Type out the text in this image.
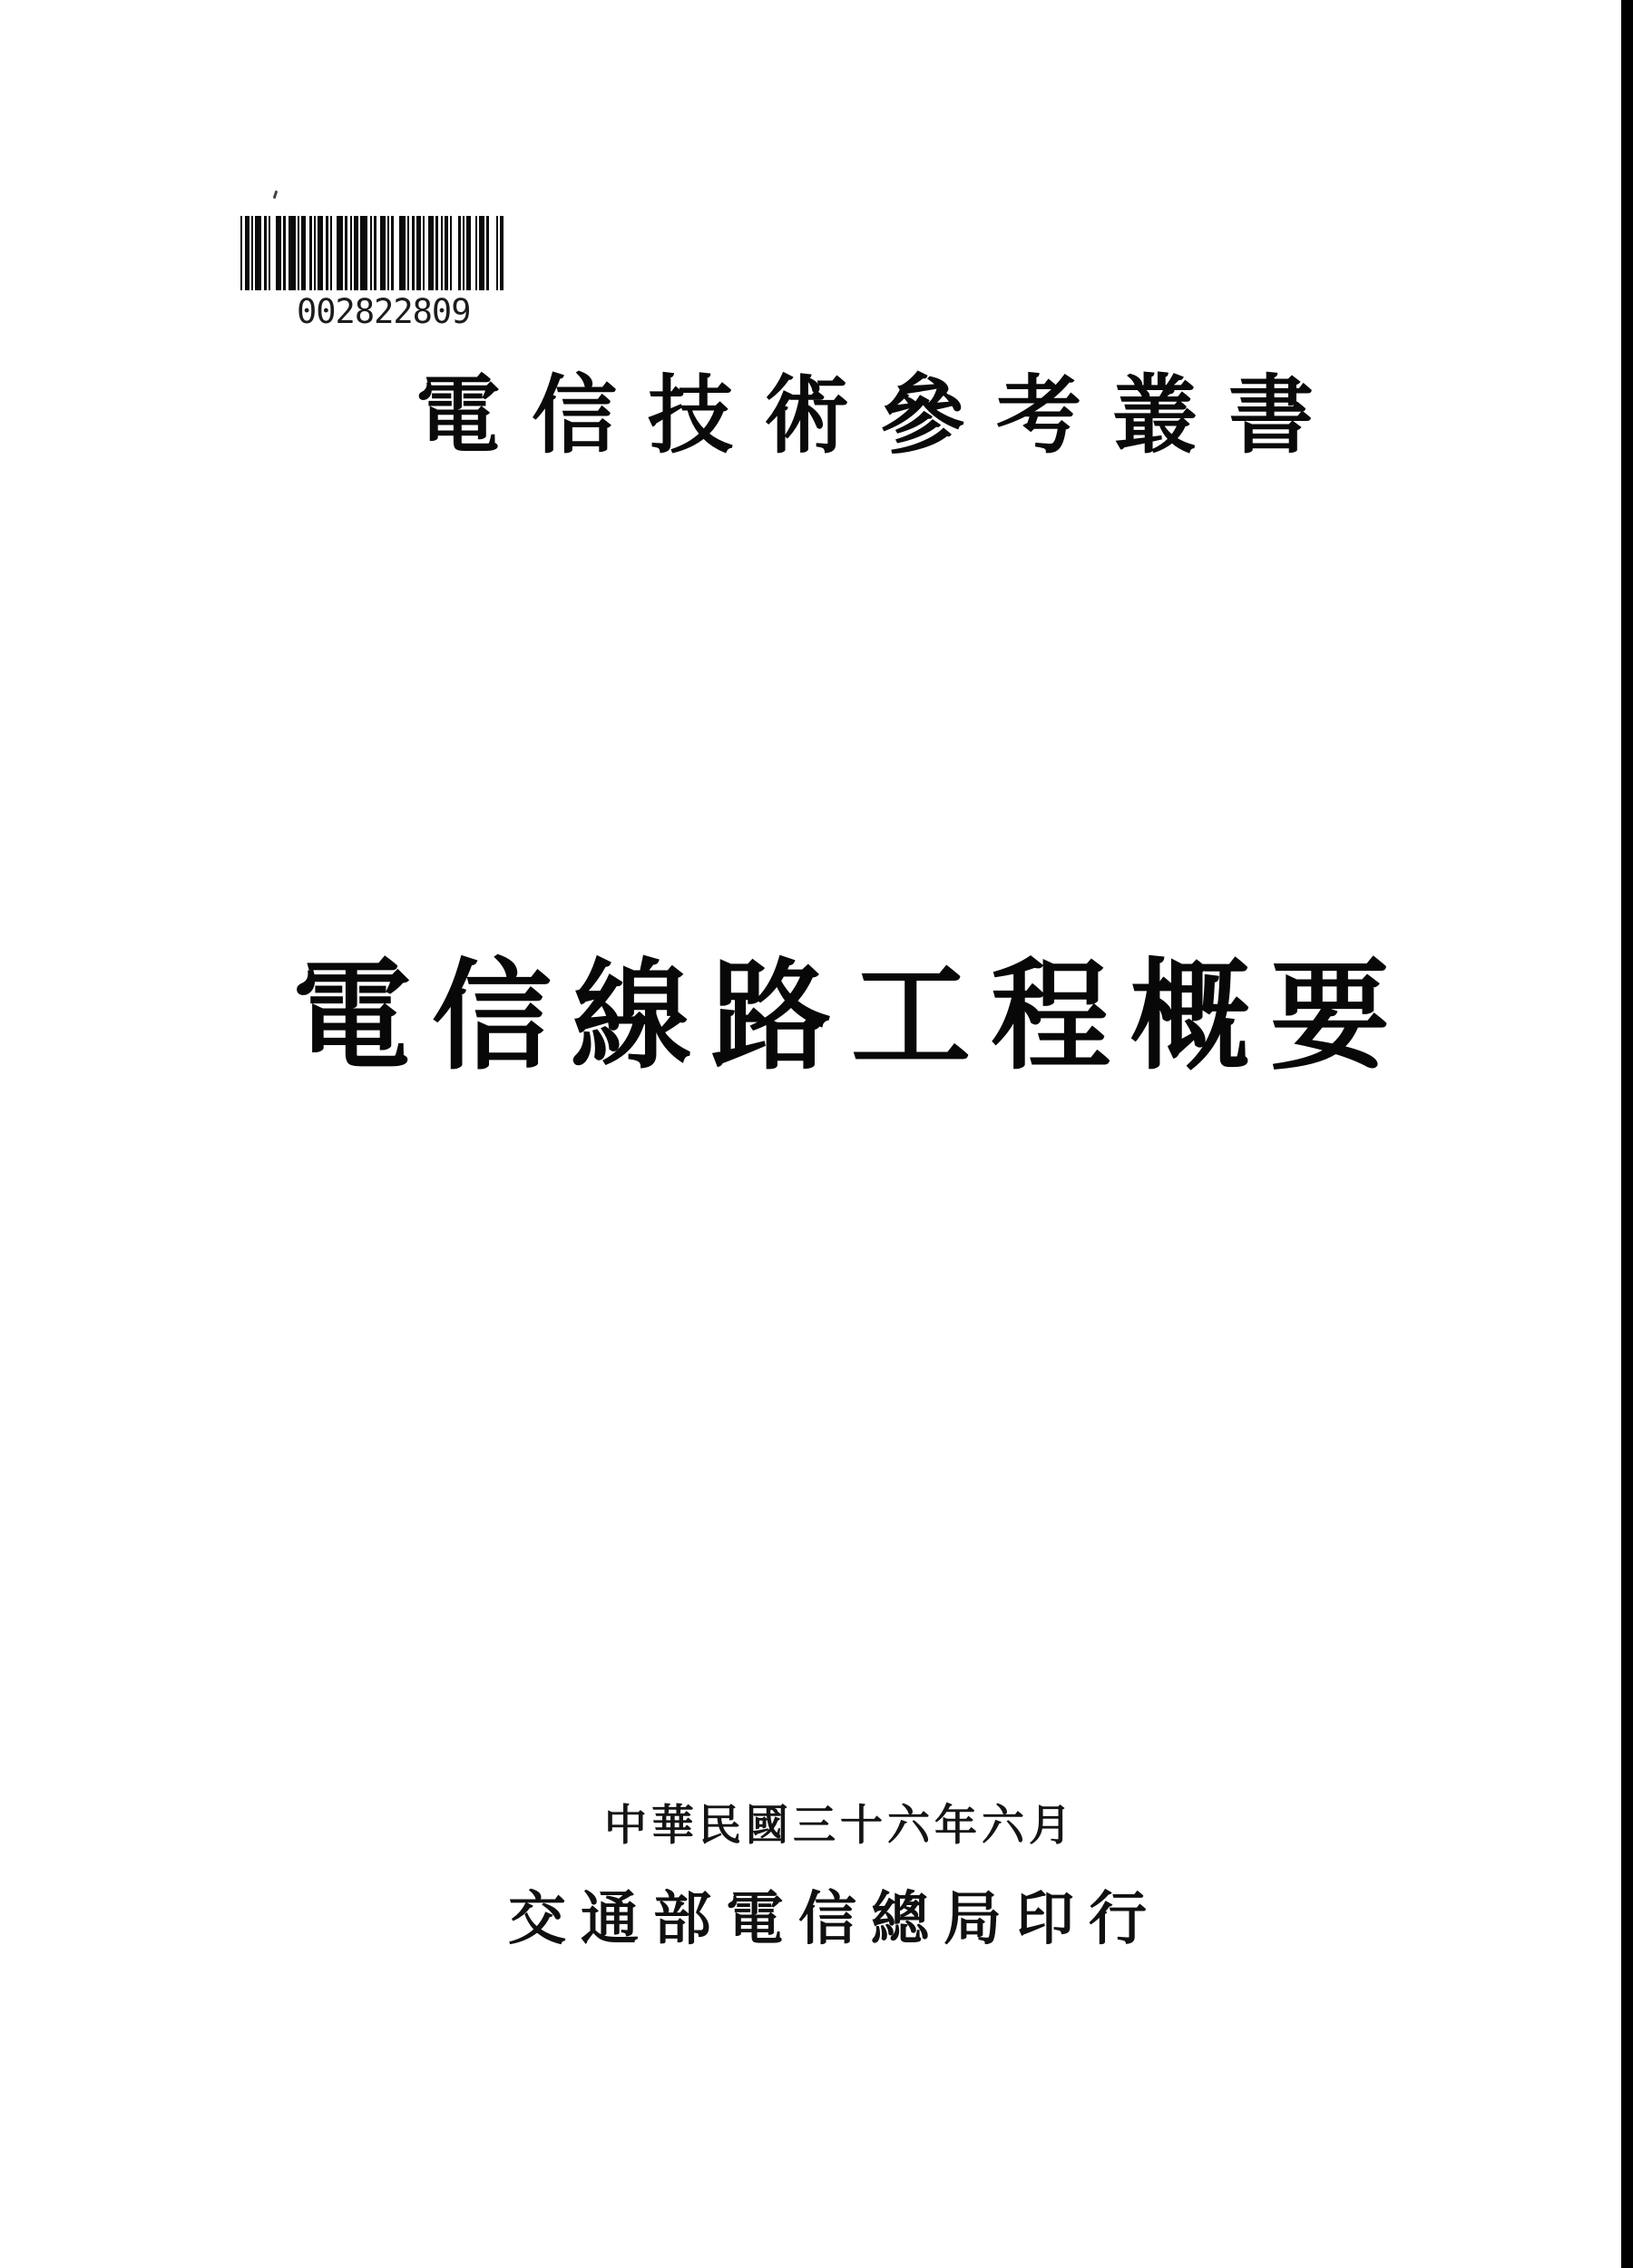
002822809
電信技術參考叢書
電信線路工程概要
中華民國三十六年六月
交通部電信總局印行
